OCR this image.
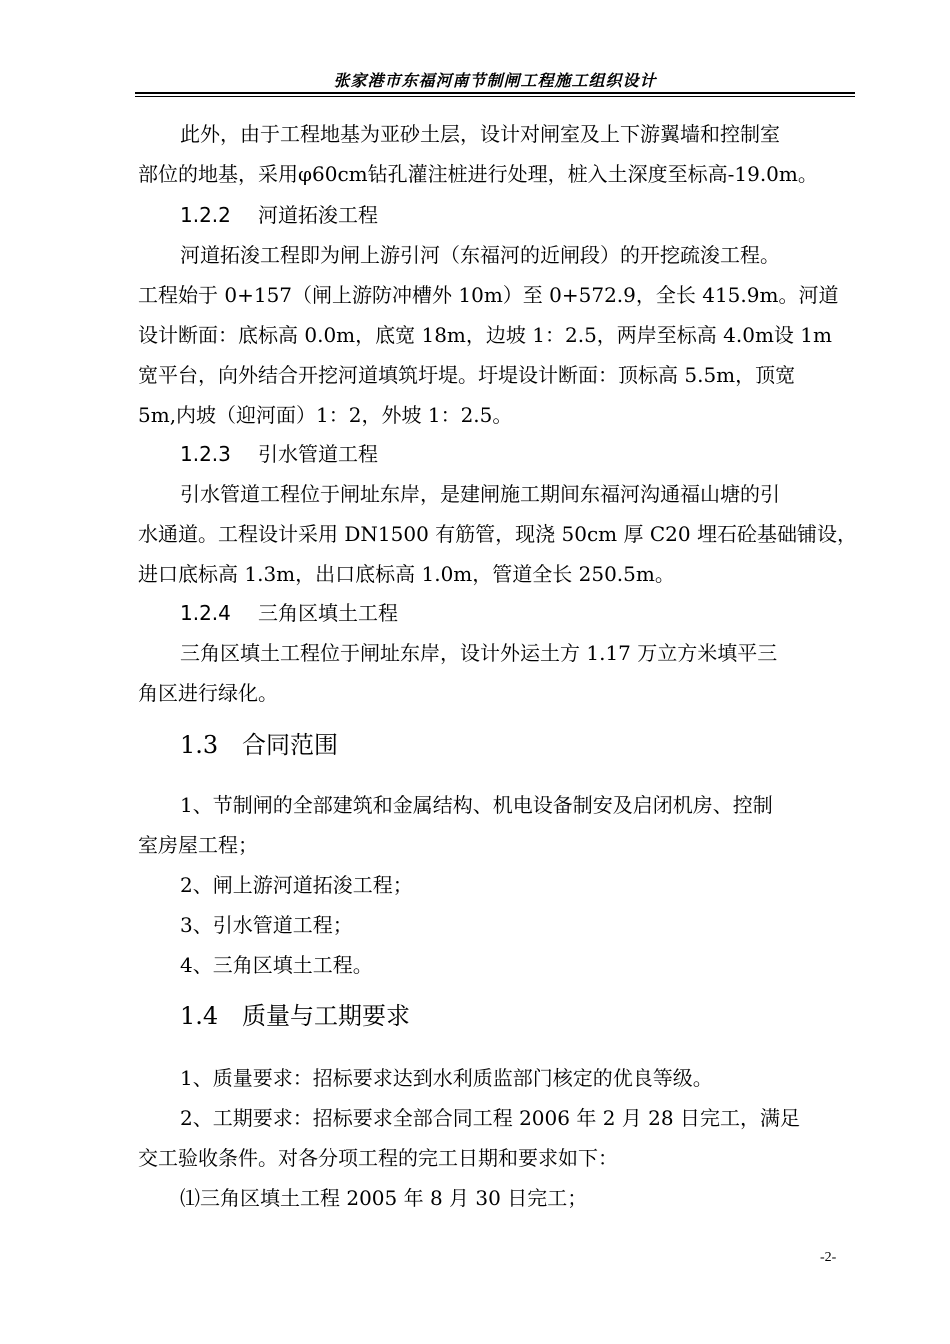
张家港市东福河南节制闸工程施工组织设计
此外，由于工程地基为亚砂土层，设计对闸室及上下游翼墙和控制室
部位的地基，采用φ60cm钻孔灌注桩进行处理，桩入土深度至标高-19.0m。
1.2.2 河道拓浚工程
河道拓浚工程即为闸上游引河（东福河的近闸段）的开挖疏浚工程。
工程始于 0+157（闸上游防冲槽外 10m）至 0+572.9，全长 415.9m。河道
设计断面：底标高 0.0m，底宽 18m，边坡 1：2.5，两岸至标高 4.0m设 1m
宽平台，向外结合开挖河道填筑圩堤。圩堤设计断面：顶标高 5.5m，顶宽
5m,内坡（迎河面）1：2，外坡 1：2.5。
1.2.3 引水管道工程
引水管道工程位于闸址东岸，是建闸施工期间东福河沟通福山塘的引
水通道。工程设计采用 DN1500 有筋管，现浇 50cm 厚 C20 埋石砼基础铺设，
进口底标高 1.3m，出口底标高 1.0m，管道全长 250.5m。
1.2.4 三角区填土工程
三角区填土工程位于闸址东岸，设计外运土方 1.17 万立方米填平三
角区进行绿化。
1.3 合同范围
1、节制闸的全部建筑和金属结构、机电设备制安及启闭机房、控制
室房屋工程；
2、闸上游河道拓浚工程；
3、引水管道工程；
4、三角区填土工程。
1.4 质量与工期要求
1、质量要求：招标要求达到水利质监部门核定的优良等级。
2、工期要求：招标要求全部合同工程 2006 年 2 月 28 日完工，满足
交工验收条件。对各分项工程的完工日期和要求如下：
⑴三角区填土工程 2005 年 8 月 30 日完工；
-2-
